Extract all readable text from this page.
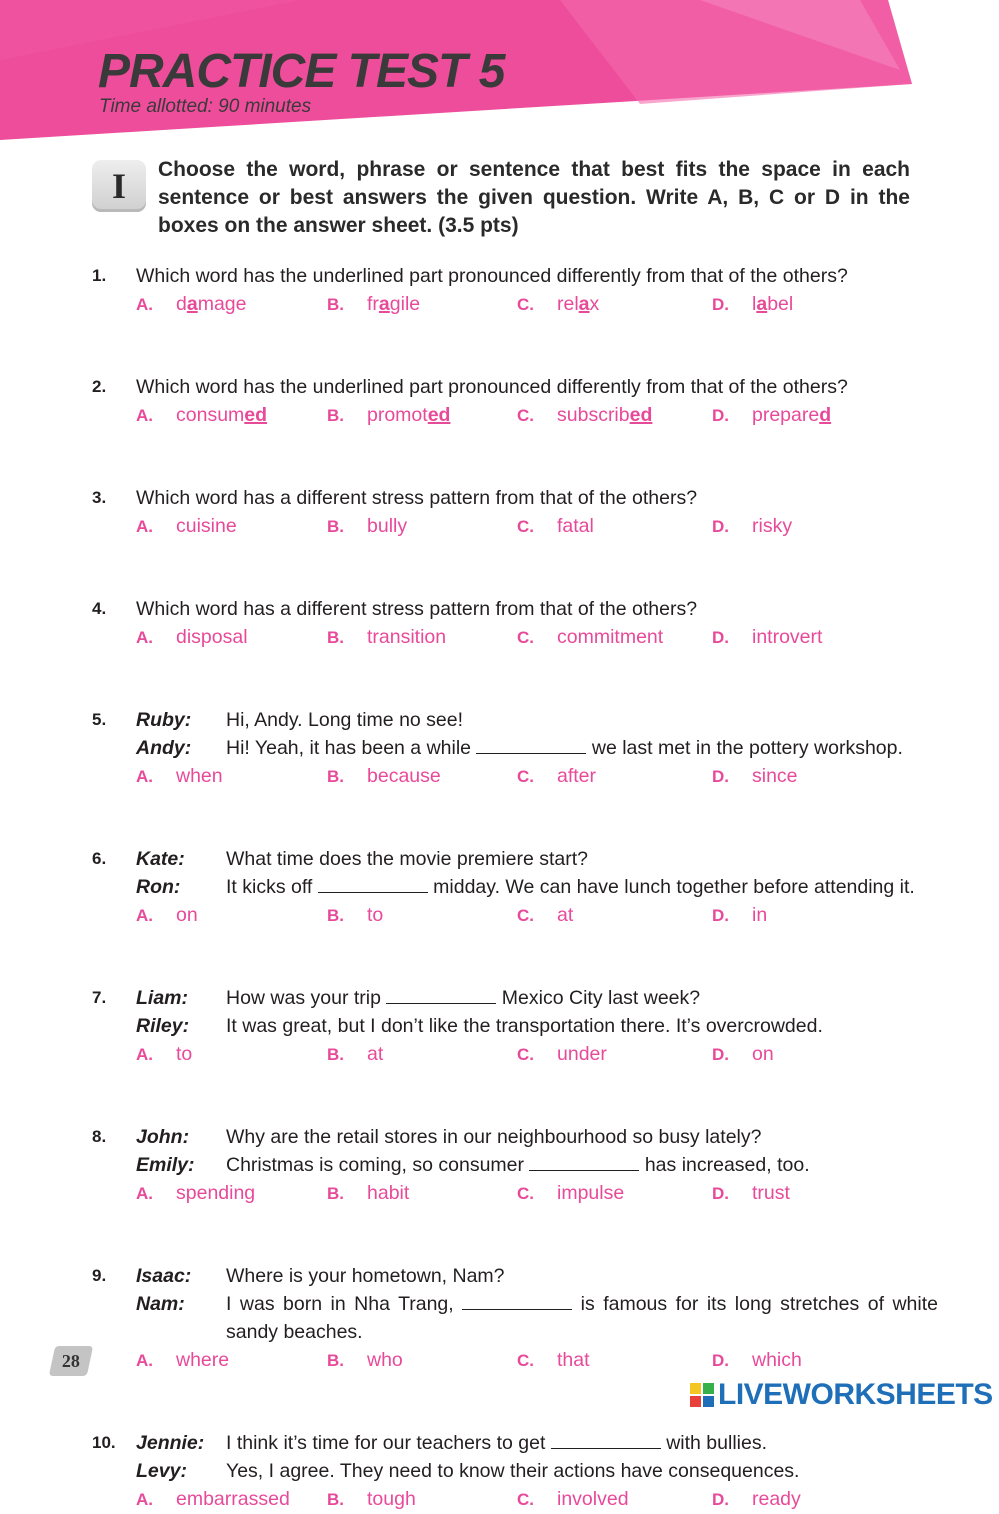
PRACTICE TEST 5
Time allotted: 90 minutes
I Choose the word, phrase or sentence that best fits the space in each sentence or best answers the given question. Write A, B, C or D in the boxes on the answer sheet. (3.5 pts)
1. Which word has the underlined part pronounced differently from that of the others?
A. damage	B. fragile	C. relax	D. label
2. Which word has the underlined part pronounced differently from that of the others?
A. consumed	B. promoted	C. subscribed	D. prepared
3. Which word has a different stress pattern from that of the others?
A. cuisine	B. bully	C. fatal	D. risky
4. Which word has a different stress pattern from that of the others?
A. disposal	B. transition	C. commitment	D. introvert
5. Ruby: Hi, Andy. Long time no see!
Andy: Hi! Yeah, it has been a while	we last met in the pottery workshop.
A. when	B. because	C. after	D. since
6. Kate: What time does the movie premiere start?
Ron: It kicks off	midday. We can have lunch together before attending it.
A. on	B. to	C. at	D. in
7. Liam: How was your trip	Mexico City last week?
Riley: It was great, but I don’t like the transportation there. It’s overcrowded.
A. to	B. at	C. under	D. on
8. John: Why are the retail stores in our neighbourhood so busy lately?
Emily: Christmas is coming, so consumer	has increased, too.
A. spending	B. habit	C. impulse	D. trust
9. Isaac: Where is your hometown, Nam?
Nam: I was born in Nha Trang,	is famous for its long stretches of white sandy beaches.
A. where	B. who	C. that	D. which
10. Jennie: I think it’s time for our teachers to get	with bullies.
Levy: Yes, I agree. They need to know their actions have consequences.
A. embarrassed B. tough	C. involved	D. ready
28
LIVEWORKSHEETS
